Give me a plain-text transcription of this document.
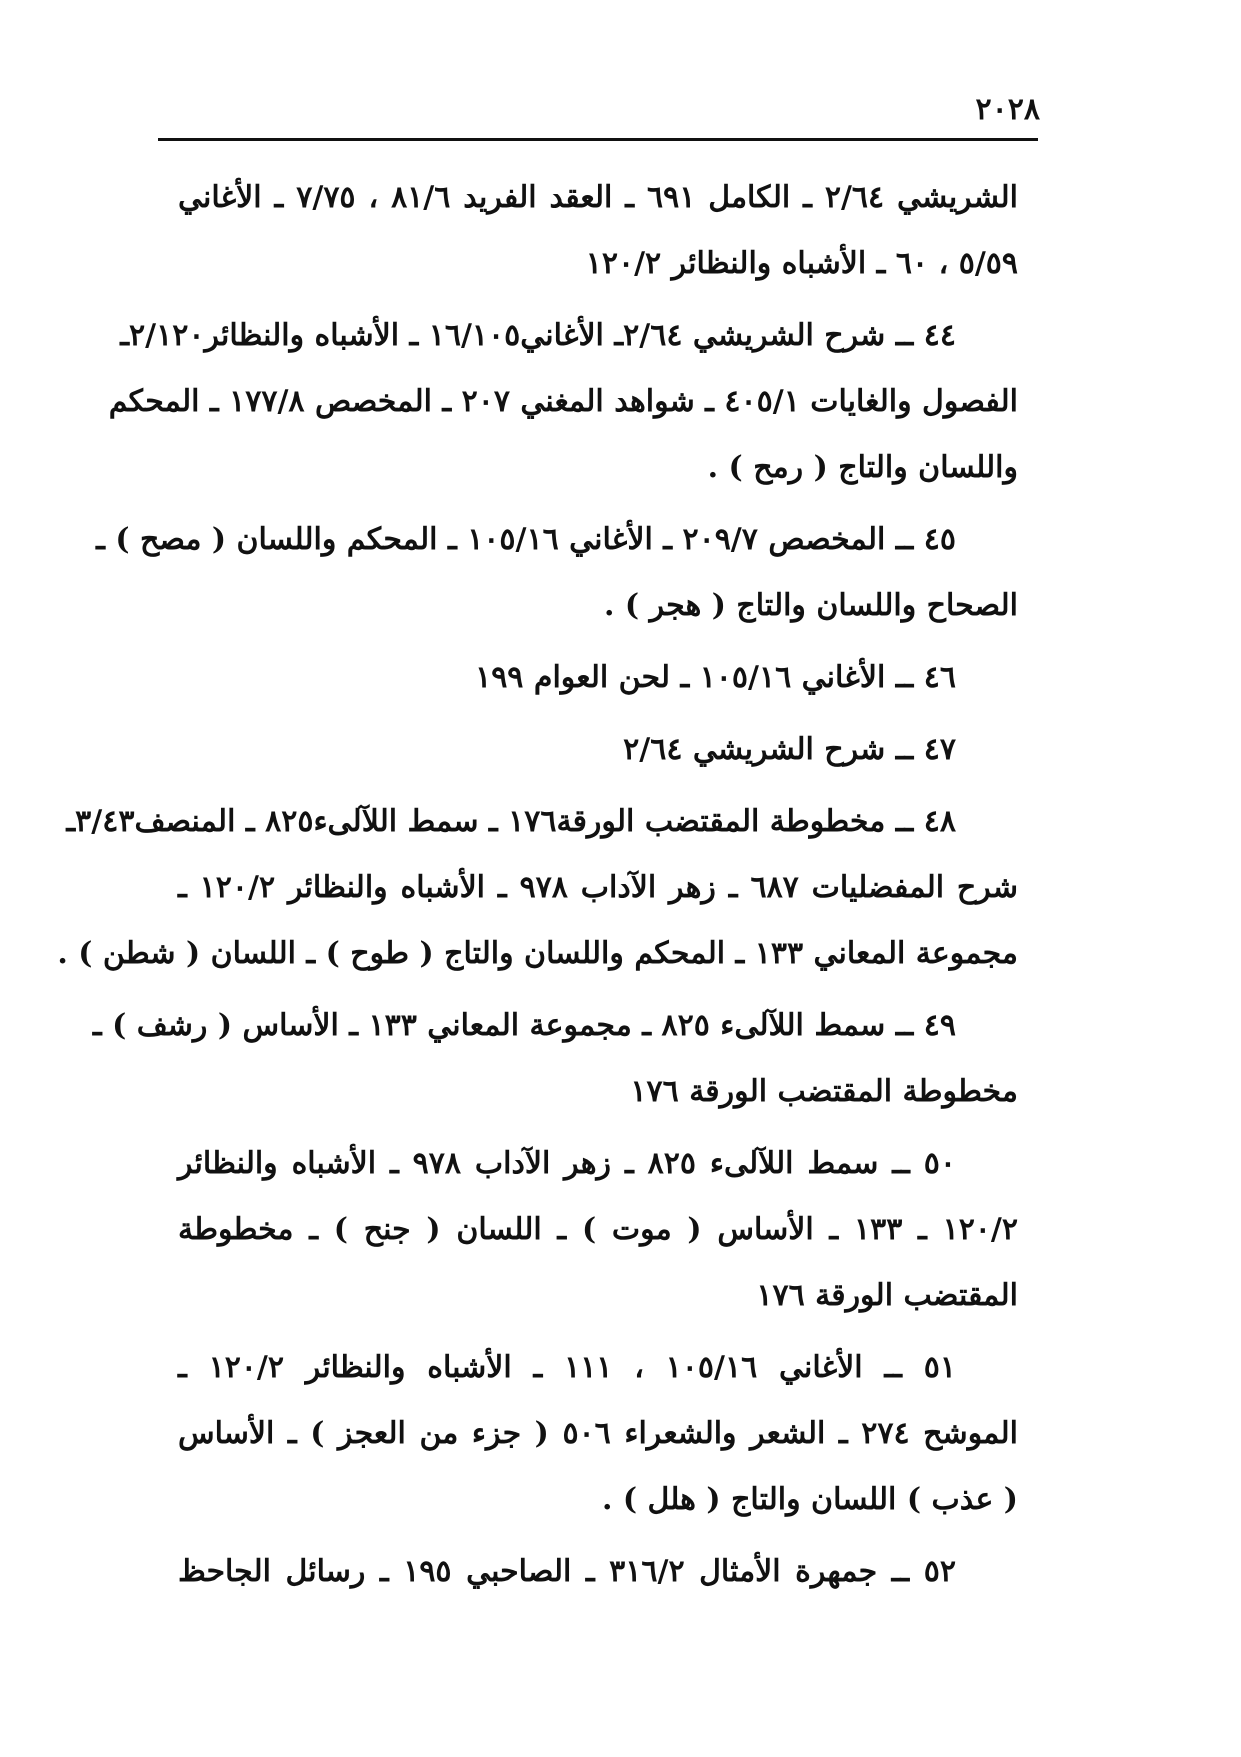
٢٠٢٨
الشريشي ٢/٦٤ ـ الكامل ٦٩١ ـ العقد الفريد ٨١/٦ ، ٧/٧٥ ـ الأغاني
٥/٥٩ ، ٦٠ ـ الأشباه والنظائر ١٢٠/٢
٤٤ ــ شرح الشريشي ٢/٦٤ـ الأغاني١٦/١٠٥ ـ الأشباه والنظائر٢/١٢٠ـ
الفصول والغايات ٤٠٥/١ ـ شواهد المغني ٢٠٧ ـ المخصص ١٧٧/٨ ـ المحكم
واللسان والتاج ( رمح ) .
٤٥ ــ المخصص ٢٠٩/٧ ـ الأغاني ١٠٥/١٦ ـ المحكم واللسان ( مصح ) ـ
الصحاح واللسان والتاج ( هجر ) .
٤٦ ــ الأغاني ١٠٥/١٦ ـ لحن العوام ١٩٩
٤٧ ــ شرح الشريشي ٢/٦٤
٤٨ ــ مخطوطة المقتضب الورقة١٧٦ ـ سمط اللآلىء٨٢٥ ـ المنصف٣/٤٣ـ
شرح المفضليات ٦٨٧ ـ زهر الآداب ٩٧٨ ـ الأشباه والنظائر ١٢٠/٢ ـ
مجموعة المعاني ١٣٣ ـ المحكم واللسان والتاج ( طوح ) ـ اللسان ( شطن ) .
٤٩ ــ سمط اللآلىء ٨٢٥ ـ مجموعة المعاني ١٣٣ ـ الأساس ( رشف ) ـ
مخطوطة المقتضب الورقة ١٧٦
٥٠ ــ سمط اللآلىء ٨٢٥ ـ زهر الآداب ٩٧٨ ـ الأشباه والنظائر
١٢٠/٢ ـ ١٣٣ ـ الأساس ( موت ) ـ اللسان ( جنح ) ـ مخطوطة
المقتضب الورقة ١٧٦
٥١ ــ الأغاني ١٠٥/١٦ ، ١١١ ـ الأشباه والنظائر ١٢٠/٢ ـ
الموشح ٢٧٤ ـ الشعر والشعراء ٥٠٦ ( جزء من العجز ) ـ الأساس
( عذب ) اللسان والتاج ( هلل ) .
٥٢ ــ جمهرة الأمثال ٣١٦/٢ ـ الصاحبي ١٩٥ ـ رسائل الجاحظ
